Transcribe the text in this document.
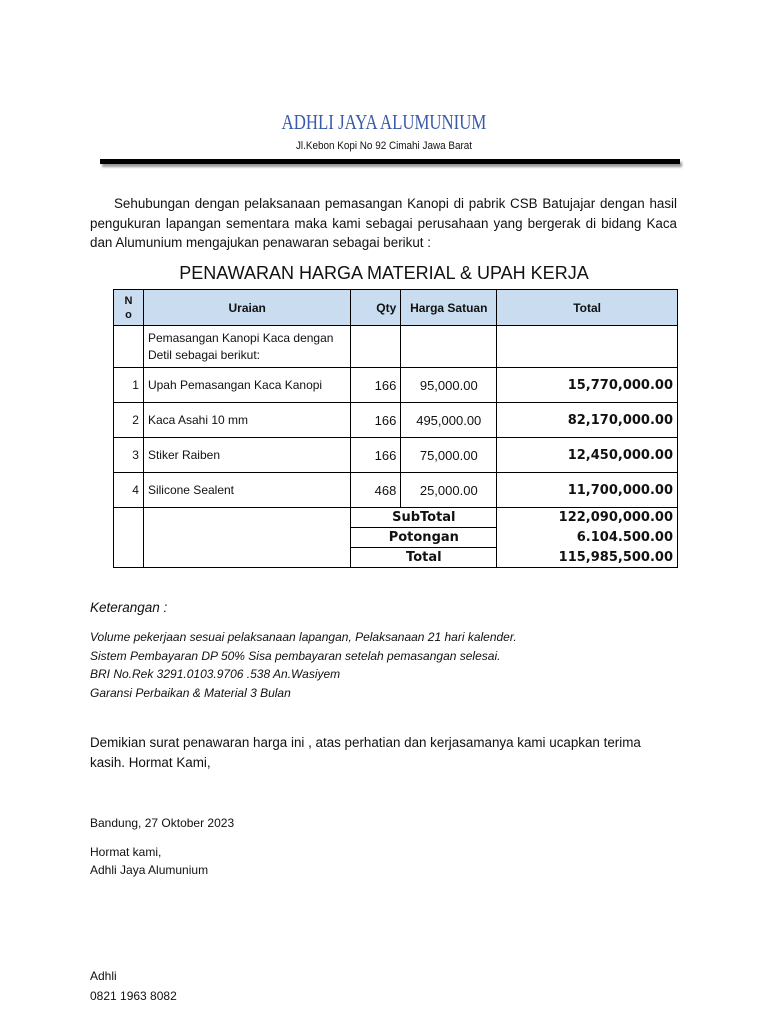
ADHLI JAYA ALUMUNIUM
Jl.Kebon Kopi No 92 Cimahi Jawa Barat
Sehubungan dengan pelaksanaan pemasangan Kanopi di pabrik CSB Batujajar dengan hasil pengukuran lapangan sementara maka kami sebagai perusahaan yang bergerak di bidang Kaca dan Alumunium mengajukan penawaran sebagai berikut :
PENAWARAN HARGA MATERIAL & UPAH KERJA
N o	Uraian	Qty	Harga Satuan	Total
	Pemasangan Kanopi Kaca dengan Detil sebagai berikut:			
1	Upah Pemasangan Kaca Kanopi	166	95,000.00	15,770,000.00
2	Kaca Asahi 10 mm	166	495,000.00	82,170,000.00
3	Stiker Raiben	166	75,000.00	12,450,000.00
4	Silicone Sealent	468	25,000.00	11,700,000.00
		SubTotal		122,090,000.00
		Potongan		6.104.500.00
		Total		115,985,500.00
Keterangan :
Volume pekerjaan sesuai pelaksanaan lapangan, Pelaksanaan 21 hari kalender.
Sistem Pembayaran DP 50% Sisa pembayaran setelah pemasangan selesai.
BRI No.Rek 3291.0103.9706 .538 An.Wasiyem
Garansi Perbaikan & Material 3 Bulan
Demikian surat penawaran harga ini , atas perhatian dan kerjasamanya kami ucapkan terima kasih. Hormat Kami,
Bandung, 27 Oktober 2023
Hormat kami,
Adhli Jaya Alumunium
Adhli
0821 1963 8082
